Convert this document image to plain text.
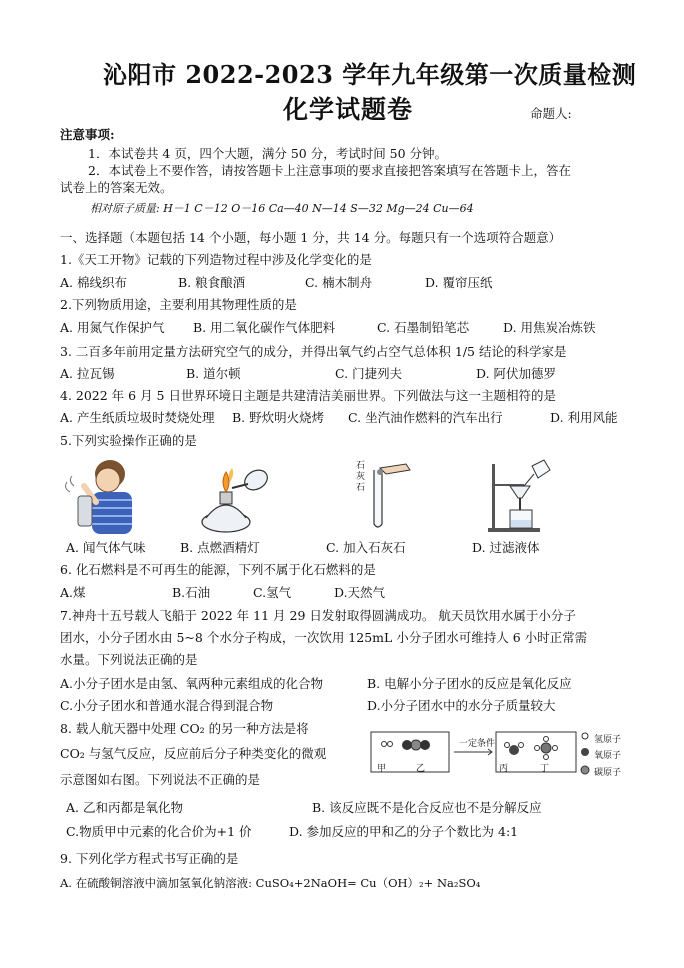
沁阳市 2022-2023 学年九年级第一次质量检测
化学试题卷	命题人:
注意事项:
1．本试卷共 4 页，四个大题，满分 50 分，考试时间 50 分钟。
2．本试卷上不要作答，请按答题卡上注意事项的要求直接把答案填写在答题卡上，答在
试卷上的答案无效。
相对原子质量: H－1 C－12 O－16 Ca—40 N—14 S—32 Mg—24 Cu—64
一、选择题（本题包括 14 个小题，每小题 1 分，共 14 分。每题只有一个选项符合题意）
1.《天工开物》记载的下列造物过程中涉及化学变化的是
A. 棉线织布	B. 粮食酿酒	C. 楠木制舟	D. 覆帘压纸
2.下列物质用途，主要利用其物理性质的是
A. 用氮气作保护气 B. 用二氧化碳作气体肥料	C. 石墨制铅笔芯	D. 用焦炭冶炼铁
3. 二百多年前用定量方法研究空气的成分，并得出氧气约占空气总体积 1/5 结论的科学家是
A. 拉瓦锡	B. 道尔顿	C. 门捷列夫	D. 阿伏加德罗
4. 2022 年 6 月 5 日世界环境日主题是共建清洁美丽世界。下列做法与这一主题相符的是
A. 产生纸质垃圾时焚烧处理 B. 野炊明火烧烤 C. 坐汽油作燃料的汽车出行	D. 利用风能
5.下列实验操作正确的是
石
灰
石
A. 闻气体气味	B. 点燃酒精灯	C. 加入石灰石	D. 过滤液体
6. 化石燃料是不可再生的能源，下列不属于化石燃料的是
A.煤	B.石油	C.氢气	D.天然气
7.神舟十五号载人飞船于 2022 年 11 月 29 日发射取得圆满成功。 航天员饮用水属于小分子
团水，小分子团水由 5~8 个水分子构成，一次饮用 125mL 小分子团水可维持人 6 小时正常需
水量。下列说法正确的是
A.小分子团水是由氢、氧两种元素组成的化合物	B. 电解小分子团水的反应是氧化反应
C.小分子团水和普通水混合得到混合物	D.小分子团水中的水分子质量较大
8. 载人航天器中处理 CO₂ 的另一种方法是将
CO₂ 与氢气反应，反应前后分子种类变化的微观
示意图如右图。下列说法不正确的是
一定条件
甲	乙	丙	丁
氢原子
氧原子
碳原子
A. 乙和丙都是氧化物	B. 该反应既不是化合反应也不是分解反应
C.物质甲中元素的化合价为+1 价	D. 参加反应的甲和乙的分子个数比为 4:1
9. 下列化学方程式书写正确的是
A. 在硫酸铜溶液中滴加氢氧化钠溶液: CuSO₄+2NaOH= Cu（OH）₂+ Na₂SO₄
